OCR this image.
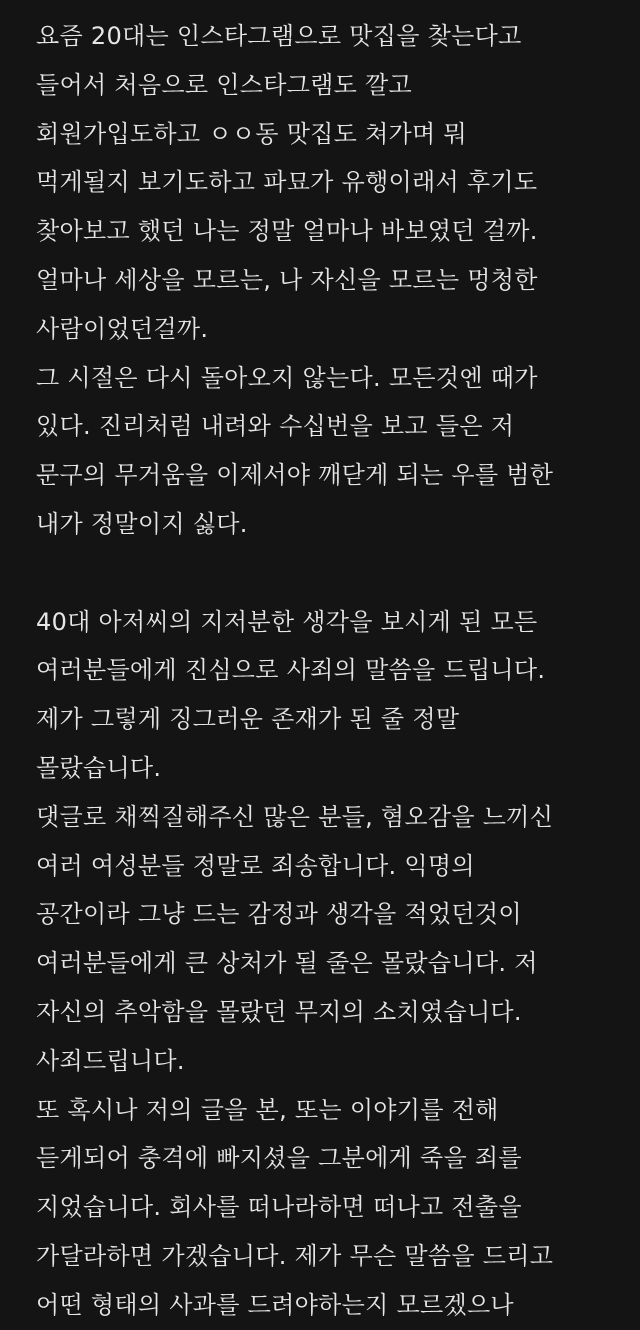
요즘 20대는 인스타그램으로 맛집을 찾는다고
들어서 처음으로 인스타그램도 깔고
회원가입도하고 ㅇㅇ동 맛집도 쳐가며 뭐
먹게될지 보기도하고 파묘가 유행이래서 후기도
찾아보고 했던 나는 정말 얼마나 바보였던 걸까.
얼마나 세상을 모르는, 나 자신을 모르는 멍청한
사람이었던걸까.
그 시절은 다시 돌아오지 않는다. 모든것엔 때가
있다. 진리처럼 내려와 수십번을 보고 들은 저
문구의 무거움을 이제서야 깨닫게 되는 우를 범한
내가 정말이지 싫다.
40대 아저씨의 지저분한 생각을 보시게 된 모든
여러분들에게 진심으로 사죄의 말씀을 드립니다.
제가 그렇게 징그러운 존재가 된 줄 정말
몰랐습니다.
댓글로 채찍질해주신 많은 분들, 혐오감을 느끼신
여러 여성분들 정말로 죄송합니다. 익명의
공간이라 그냥 드는 감정과 생각을 적었던것이
여러분들에게 큰 상처가 될 줄은 몰랐습니다. 저
자신의 추악함을 몰랐던 무지의 소치였습니다.
사죄드립니다.
또 혹시나 저의 글을 본, 또는 이야기를 전해
듣게되어 충격에 빠지셨을 그분에게 죽을 죄를
지었습니다. 회사를 떠나라하면 떠나고 전출을
가달라하면 가겠습니다. 제가 무슨 말씀을 드리고
어떤 형태의 사과를 드려야하는지 모르겠으나
